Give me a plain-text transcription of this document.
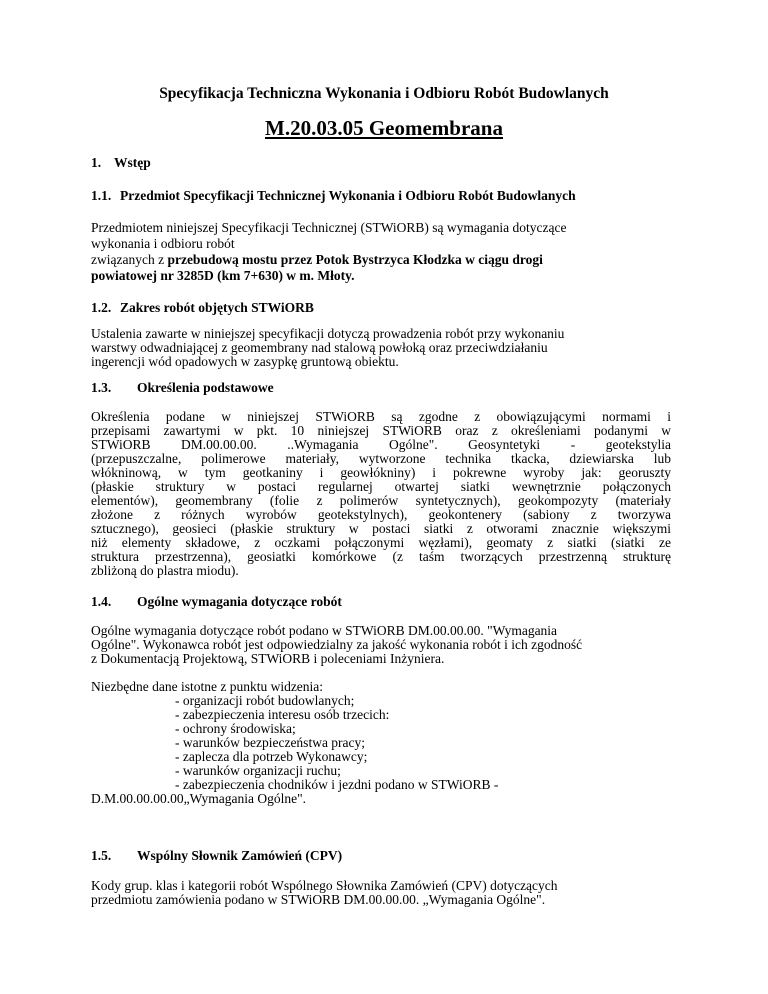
Specyfikacja Techniczna Wykonania i Odbioru Robót Budowlanych

M.20.03.05 Geomembrana

1. Wstęp
1.1. Przedmiot Specyfikacji Technicznej Wykonania i Odbioru Robót Budowlanych
Przedmiotem niniejszej Specyfikacji Technicznej (STWiORB) są wymagania dotyczące
wykonania i odbioru robót
związanych z przebudową mostu przez Potok Bystrzyca Kłodzka w ciągu drogi
powiatowej nr 3285D (km 7+630) w m. Młoty.
1.2. Zakres robót objętych STWiORB
Ustalenia zawarte w niniejszej specyfikacji dotyczą prowadzenia robót przy wykonaniu
warstwy odwadniającej z geomembrany nad stalową powłoką oraz przeciwdziałaniu
ingerencji wód opadowych w zasypkę gruntową obiektu.
1.3. Określenia podstawowe
Określenia podane w niniejszej STWiORB są zgodne z obowiązującymi normami i
przepisami zawartymi w pkt. 10 niniejszej STWiORB oraz z określeniami podanymi w
STWiORB DM.00.00.00. ..Wymagania Ogólne". Geosyntetyki - geotekstylia
(przepuszczalne, polimerowe materiały, wytworzone technika tkacka, dziewiarska lub
włókninową, w tym geotkaniny i geowłókniny) i pokrewne wyroby jak: georuszty
(płaskie struktury w postaci regularnej otwartej siatki wewnętrznie połączonych
elementów), geomembrany (folie z polimerów syntetycznych), geokompozyty (materiały
złożone z różnych wyrobów geotekstylnych), geokontenery (sabiony z tworzywa
sztucznego), geosieci (płaskie struktury w postaci siatki z otworami znacznie większymi
niż elementy składowe, z oczkami połączonymi węzłami), geomaty z siatki (siatki ze
struktura przestrzenna), geosiatki komórkowe (z taśm tworzących przestrzenną strukturę
zbliżoną do plastra miodu).
1.4. Ogólne wymagania dotyczące robót
Ogólne wymagania dotyczące robót podano w STWiORB DM.00.00.00. "Wymagania
Ogólne". Wykonawca robót jest odpowiedzialny za jakość wykonania robót i ich zgodność
z Dokumentacją Projektową, STWiORB i poleceniami Inżyniera.
Niezbędne dane istotne z punktu widzenia:
- organizacji robót budowlanych;
- zabezpieczenia interesu osób trzecich:
- ochrony środowiska;
- warunków bezpieczeństwa pracy;
- zaplecza dla potrzeb Wykonawcy;
- warunków organizacji ruchu;
- zabezpieczenia chodników i jezdni podano w STWiORB -
D.M.00.00.00.00„Wymagania Ogólne".
1.5. Wspólny Słownik Zamówień (CPV)
Kody grup. klas i kategorii robót Wspólnego Słownika Zamówień (CPV) dotyczących
przedmiotu zamówienia podano w STWiORB DM.00.00.00. „Wymagania Ogólne".
